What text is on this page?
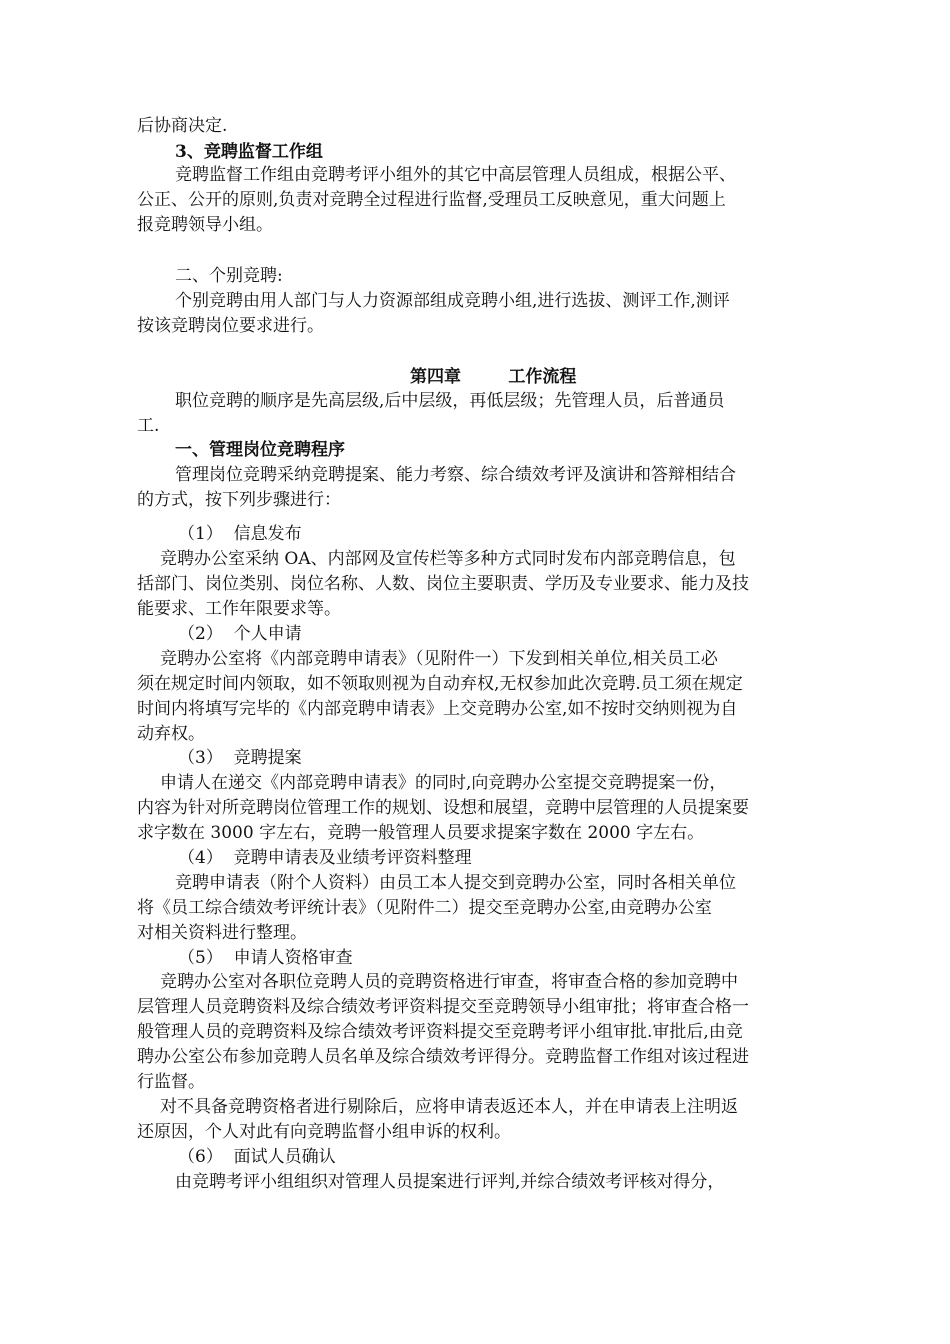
后协商决定.
3、竞聘监督工作组
竞聘监督工作组由竞聘考评小组外的其它中高层管理人员组成，根据公平、
公正、公开的原则,负责对竞聘全过程进行监督,受理员工反映意见，重大问题上
报竞聘领导小组。
二、个别竞聘:
个别竞聘由用人部门与人力资源部组成竞聘小组,进行选拔、测评工作,测评
按该竞聘岗位要求进行。
第四章        工作流程
职位竞聘的顺序是先高层级,后中层级，再低层级；先管理人员，后普通员
工.
一、管理岗位竞聘程序
管理岗位竞聘采纳竞聘提案、能力考察、综合绩效考评及演讲和答辩相结合
的方式，按下列步骤进行：
（1）  信息发布
竞聘办公室采纳 OA、内部网及宣传栏等多种方式同时发布内部竞聘信息，包
括部门、岗位类别、岗位名称、人数、岗位主要职责、学历及专业要求、能力及技
能要求、工作年限要求等。
（2）  个人申请
竞聘办公室将《内部竞聘申请表》（见附件一）下发到相关单位,相关员工必
须在规定时间内领取，如不领取则视为自动弃权,无权参加此次竞聘.员工须在规定
时间内将填写完毕的《内部竞聘申请表》上交竞聘办公室,如不按时交纳则视为自
动弃权。
（3）  竞聘提案
申请人在递交《内部竞聘申请表》的同时,向竞聘办公室提交竞聘提案一份，
内容为针对所竞聘岗位管理工作的规划、设想和展望，竞聘中层管理的人员提案要
求字数在 3000 字左右，竞聘一般管理人员要求提案字数在 2000 字左右。
（4）  竞聘申请表及业绩考评资料整理
竞聘申请表（附个人资料）由员工本人提交到竞聘办公室，同时各相关单位
将《员工综合绩效考评统计表》（见附件二）提交至竞聘办公室,由竞聘办公室
对相关资料进行整理。
（5）  申请人资格审查
竞聘办公室对各职位竞聘人员的竞聘资格进行审查，将审查合格的参加竞聘中
层管理人员竞聘资料及综合绩效考评资料提交至竞聘领导小组审批；将审查合格一
般管理人员的竞聘资料及综合绩效考评资料提交至竞聘考评小组审批.审批后,由竞
聘办公室公布参加竞聘人员名单及综合绩效考评得分。竞聘监督工作组对该过程进
行监督。
对不具备竞聘资格者进行剔除后，应将申请表返还本人，并在申请表上注明返
还原因，个人对此有向竞聘监督小组申诉的权利。
（6）  面试人员确认
由竞聘考评小组组织对管理人员提案进行评判,并综合绩效考评核对得分，
